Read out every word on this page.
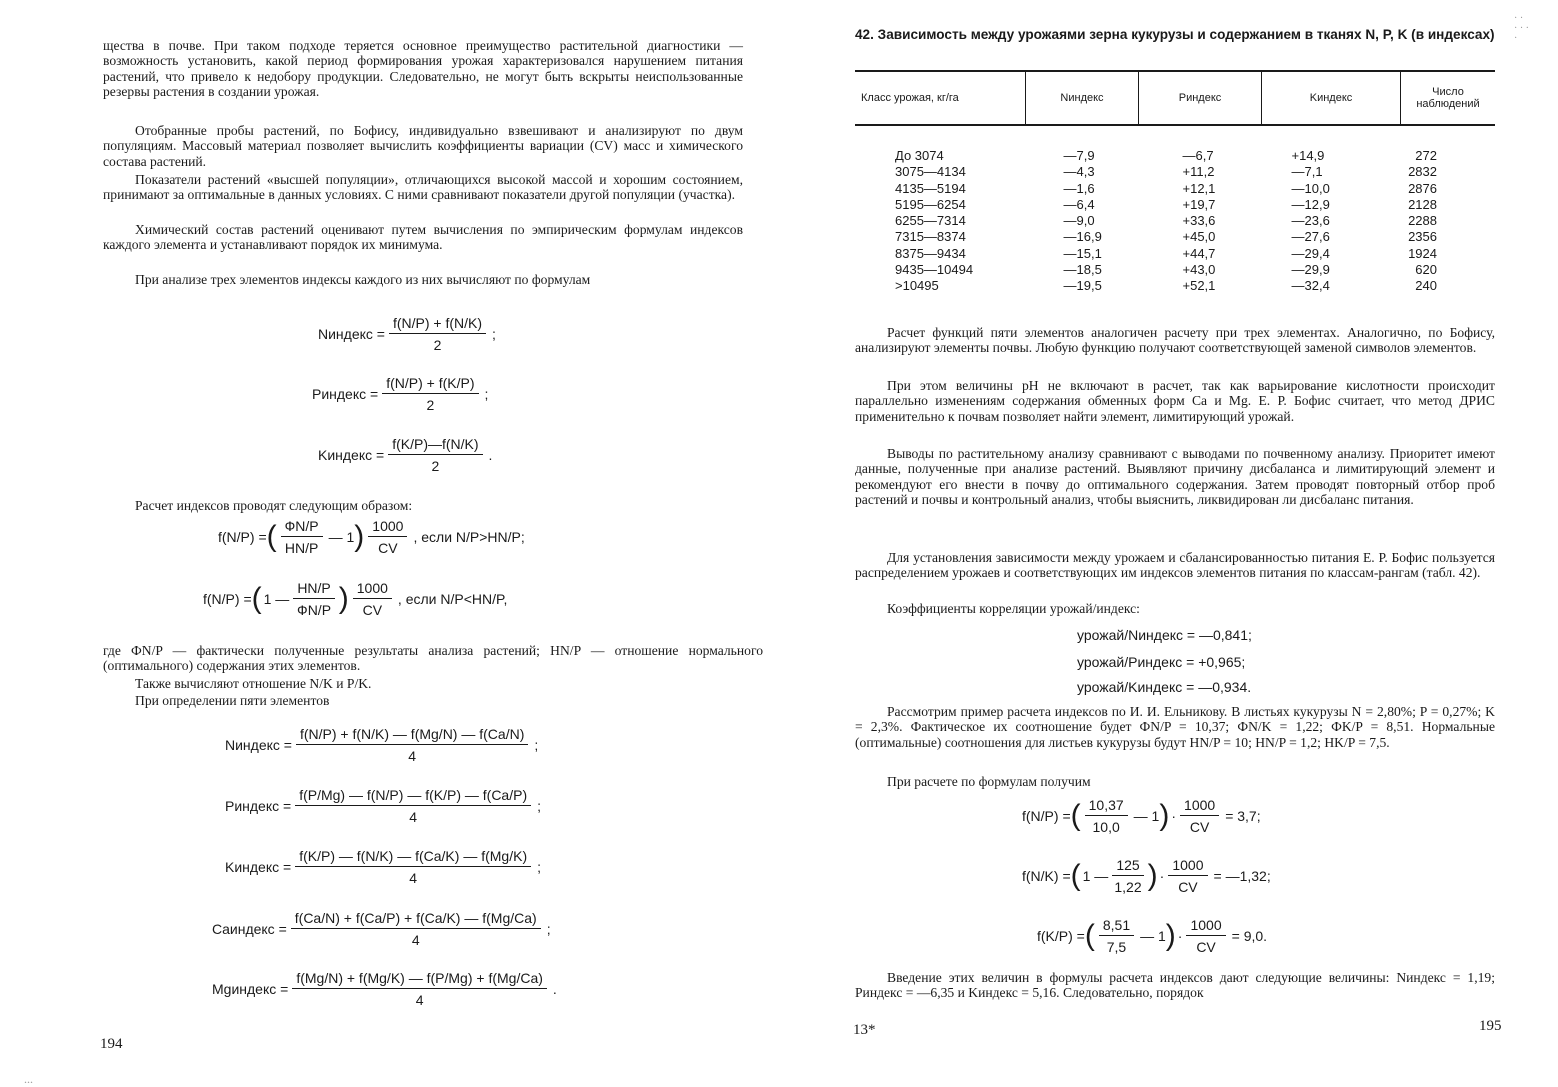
щества в почве. При таком подходе теряется основное преимущество растительной диагностики — возможность установить, какой период формирования урожая характеризовался нарушением питания растений, что привело к недобору продукции. Следовательно, не могут быть вскрыты неиспользованные резервы растения в создании урожая.

Отобранные пробы растений, по Бофису, индивидуально взвешивают и анализируют по двум популяциям. Массовый материал позволяет вычислить коэффициенты вариации (CV) масс и химического состава растений.

Показатели растений «высшей популяции», отличающихся высокой массой и хорошим состоянием, принимают за оптимальные в данных условиях. С ними сравнивают показатели другой популяции (участка).

Химический состав растений оценивают путем вычисления по эмпирическим формулам индексов каждого элемента и устанавливают порядок их минимума.

При анализе трех элементов индексы каждого из них вычисляют по формулам

Nиндекс = $\frac{f(N/P) + f(N/K)}{2}$ ;
Pиндекс = $\frac{f(N/P) + f(K/P)}{2}$ ;
Kиндекс = $\frac{f(K/P)—f(N/K)}{2}$ .

Расчет индексов проводят следующим образом:

f(N/P) = ( $\frac{ФN/P}{HN/P}$ — 1 ) $\frac{1000}{CV}$ , если N/P>HN/P;
f(N/P) = ( 1 — $\frac{HN/P}{ФN/P}$ ) $\frac{1000}{CV}$ , если N/P<HN/P,

где ФN/P — фактически полученные результаты анализа растений; HN/P — отношение нормального (оптимального) содержания этих элементов.

Также вычисляют отношение N/K и P/K.

При определении пяти элементов

Nиндекс = $\frac{f(N/P) + f(N/K) — f(Mg/N) — f(Ca/N)}{4}$ ;
Pиндекс = $\frac{f(P/Mg) — f(N/P) — f(K/P) — f(Ca/P)}{4}$ ;
Kиндекс = $\frac{f(K/P) — f(N/K) — f(Ca/K) — f(Mg/K)}{4}$ ;
Caиндекс = $\frac{f(Ca/N) + f(Ca/P) + f(Ca/K) — f(Mg/Ca)}{4}$ ;
Mgиндекс = $\frac{f(Mg/N) + f(Mg/K) — f(P/Mg) + f(Mg/Ca)}{4}$ .
194
...
42. Зависимость между урожаями зерна кукурузы и содержанием в тканях N, P, K (в индексах)
Класс урожая, кг/га	Nиндекс	Pиндекс	Kиндекс	Число наблюдений
До 3074	—7,9	—6,7	+14,9	272
3075—4134	—4,3	+11,2	—7,1	2832
4135—5194	—1,6	+12,1	—10,0	2876
5195—6254	—6,4	+19,7	—12,9	2128
6255—7314	—9,0	+33,6	—23,6	2288
7315—8374	—16,9	+45,0	—27,6	2356
8375—9434	—15,1	+44,7	—29,4	1924
9435—10494	—18,5	+43,0	—29,9	620
>10495	—19,5	+52,1	—32,4	240

Расчет функций пяти элементов аналогичен расчету при трех элементах. Аналогично, по Бофису, анализируют элементы почвы. Любую функцию получают соответствующей заменой символов элементов.

При этом величины pH не включают в расчет, так как варьирование кислотности происходит параллельно изменениям содержания обменных форм Ca и Mg. Е. Р. Бофис считает, что метод ДРИС применительно к почвам позволяет найти элемент, лимитирующий урожай.

Выводы по растительному анализу сравнивают с выводами по почвенному анализу. Приоритет имеют данные, полученные при анализе растений. Выявляют причину дисбаланса и лимитирующий элемент и рекомендуют его внести в почву до оптимального содержания. Затем проводят повторный отбор проб растений и почвы и контрольный анализ, чтобы выяснить, ликвидирован ли дисбаланс питания.

Для установления зависимости между урожаем и сбалансированностью питания Е. Р. Бофис пользуется распределением урожаев и соответствующих им индексов элементов питания по классам-рангам (табл. 42).

Коэффициенты корреляции урожай/индекс:

урожай/Nиндекс = —0,841;
урожай/Pиндекс = +0,965;
урожай/Kиндекс = —0,934.

Рассмотрим пример расчета индексов по И. И. Ельникову. В листьях кукурузы N = 2,80%; P = 0,27%; K = 2,3%. Фактическое их соотношение будет ФN/P = 10,37; ФN/K = 1,22; ФK/P = 8,51. Нормальные (оптимальные) соотношения для листьев кукурузы будут HN/P = 10; HN/P = 1,2; HK/P = 7,5.

При расчете по формулам получим

f(N/P) = ( $\frac{10,37}{10,0}$ — 1 ) · $\frac{1000}{CV} = 3,7$;
f(N/K) = ( 1 — $\frac{125}{1,22}$ ) · $\frac{1000}{CV}$ = —1,32;
f(K/P) = ( $\frac{8,51}{7,5}$ — 1 ) · $\frac{1000}{CV} = 9,0$.

Введение этих величин в формулы расчета индексов дают следующие величины: Nиндекс = 1,19; Pиндекс = —6,35 и Kиндекс = 5,16. Следовательно, порядок

13*	195
· ·
· · ·
·
